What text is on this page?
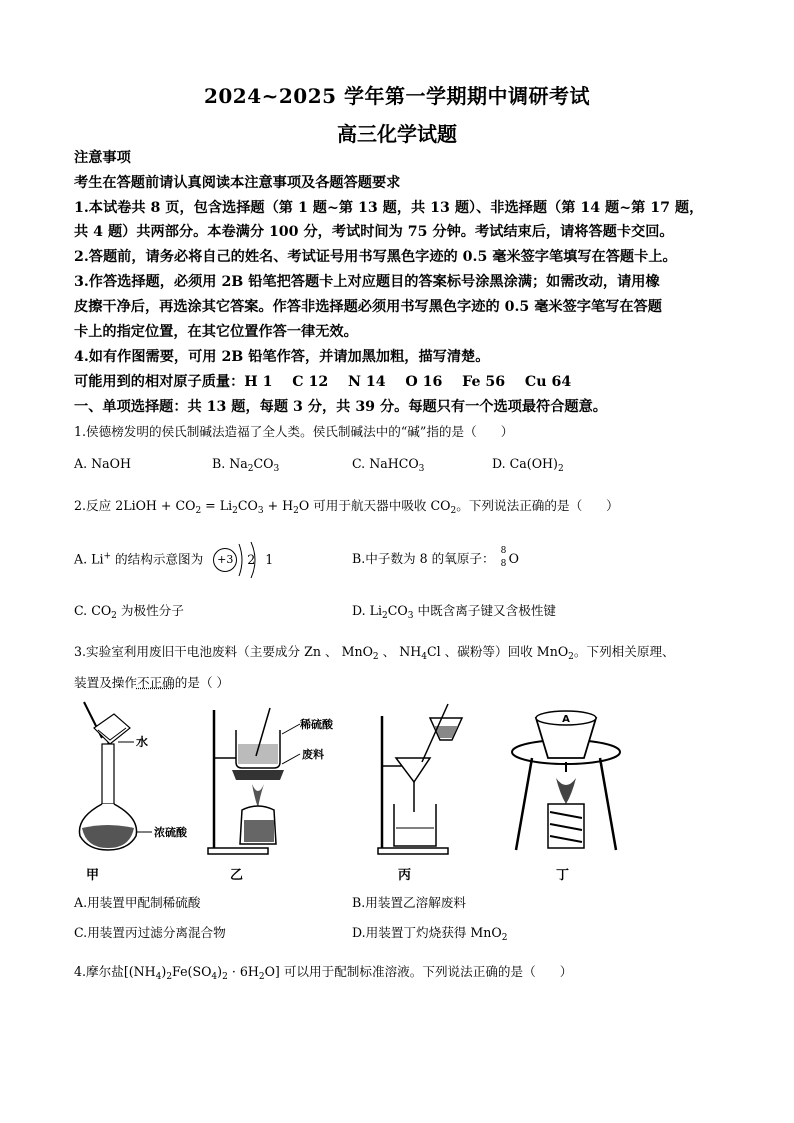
2024~2025 学年第一学期期中调研考试
高三化学试题
注意事项
考生在答题前请认真阅读本注意事项及各题答题要求
1.本试卷共 8 页，包含选择题（第 1 题~第 13 题，共 13 题）、非选择题（第 14 题~第 17 题，
共 4 题）共两部分。本卷满分 100 分，考试时间为 75 分钟。考试结束后，请将答题卡交回。
2.答题前，请务必将自己的姓名、考试证号用书写黑色字迹的 0.5 毫米签字笔填写在答题卡上。
3.作答选择题，必须用 2B 铅笔把答题卡上对应题目的答案标号涂黑涂满；如需改动，请用橡
皮擦干净后，再选涂其它答案。作答非选择题必须用书写黑色字迹的 0.5 毫米签字笔写在答题
卡上的指定位置，在其它位置作答一律无效。
4.如有作图需要，可用 2B 铅笔作答，并请加黑加粗，描写清楚。
可能用到的相对原子质量：H 1    C 12    N 14    O 16    Fe 56    Cu 64
一、单项选择题：共 13 题，每题 3 分，共 39 分。每题只有一个选项最符合题意。
1.侯德榜发明的侯氏制碱法造福了全人类。侯氏制碱法中的“碱”指的是（      ）
A. NaOH	B. $Na_2CO_3$	C. NaHCO$_3$	D. $Ca(OH)_2$
2.反应 2LiOH + $CO_2 = Li_2CO_3 + H_2O$ 可用于航天器中吸收 $CO_2$。下列说法正确的是（      ）
A. Li+ 的结构示意图为 +3 2 1	B.中子数为 8 的氧原子：
8
8 O
C. $CO_2$ 为极性分子	D. $Li_2CO_3$ 中既含离子键又含极性键
3.实验室利用废旧干电池废料（主要成分 Zn 、 MnO$_2$ 、 $NH_4Cl$ 、碳粉等）回收 MnO$_2$。下列相关原理、
装置及操作不正确的是（ ）
水
浓硫酸
稀硫酸
废料
A
甲	乙	丙	丁
A.用装置甲配制稀硫酸	B.用装置乙溶解废料
C.用装置丙过滤分离混合物	D.用装置丁灼烧获得 MnO$_2$
4.摩尔盐$[(NH_4)_2Fe(SO_4)_2 \cdot 6H_2O]$ 可以用于配制标准溶液。下列说法正确的是（      ）
